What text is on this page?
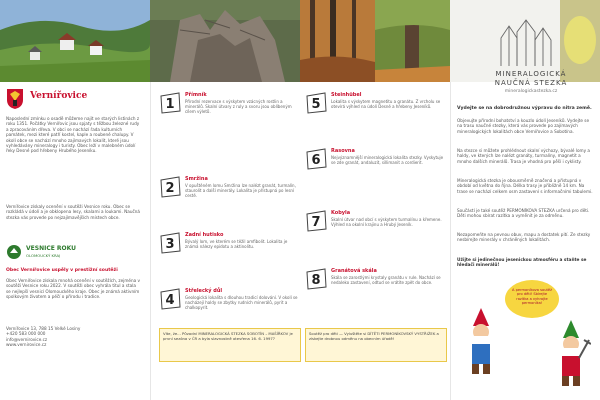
Vernířovice
Naposlední zmínku o osadě můžeme najít ve starých listinách z roku 1351. Počátky Vernířovic jsou spjaty s těžbou železné rudy a zpracováním dřeva. V obci se nachází řada kulturních památek, mezi které patří kostel, kaple a roubené chalupy. V okolí obce se nachází mnoho zajímavých lokalit, které jsou vyhledávány mineralogy i turisty. Obec leží v malebném údolí řeky Desné pod hřebeny Hrubého Jeseníku.
Vernířovice získaly ocenění v soutěži Vesnice roku. Obec se rozkládá v údolí a je obklopena lesy, skalami a loukami. Naučná stezka vás provede po nejzajímavějších místech obce.
VESNICE ROKU
OLOMOUCKÝ KRAJ
Obec Vernířovice uspěly v prestižní soutěži
Obec Vernířovice získala mnohá ocenění v soutěžích, zejména v soutěži Vesnice roku 2022. V soutěži obec vyhrála titul a stala se nejlepší vesnicí Olomouckého kraje. Obec je známá aktivním spolkovým životem a péčí o přírodu i tradice.
Vernířovice 13, 788 15 Velké Losiny
+420 583 000 000
info@vernirovice.cz
www.vernirovice.cz
1
Přímník
Přírodní rezervace s výskytem vzácných rostlin a minerálů. Skalní útvary z ruly a svoru jsou oblíbeným cílem výletů.
2
Smržina
V opuštěném lomu Smržina lze nalézt granát, turmalín, staurolit a další minerály. Lokalita je přístupná po lesní cestě.
3
Zadní hutisko
Bývalý lom, ve kterém se těžil amfibolit. Lokalita je známá nálezy epidotu a aktinolitu.
4
Střelecký důl
Geologická lokalita s dlouhou tradicí dolování. V okolí se nacházejí haldy se zbytky rudních minerálů, pyrit a chalkopyrit.
5
Steinhübel
Lokalita s výskytem magnetitu a granátu. Z vrcholu se otevírá výhled na údolí Desné a hřebeny Jeseníků.
6
Rasovna
Nejvýznamnější mineralogická lokalita stezky. Vyskytuje se zde granát, andaluzit, sillimanit a cordierit.
7
Kobyla
Skalní útvar nad obcí s výskytem turmalínu a křemene. Výhled na okolní krajinu a Hrubý Jeseník.
8
Granátová skála
Skála se zarostlými krystaly granátu v rule. Nachází se nedaleko zastavení, odtud se vrátíte zpět do obce.
Víte, že... Původní MINERALOGICKÁ STEZKA SOBOTÍN – MAŠÍŘKOV je první sezóna v ČR a byla slavnostně otevřena 16. 6. 1997?
Soutěž pro děti — Vyluštěte si DÍTĚTI PERMONÍKOVSKÝ VYSTŘIŽEK a získejte drobnou odměnu na obecním úřadě!
MINERALOGICKÁ
NAUČNÁ STEZKA
mineralogickastezka.cz
Vydejte se na dobrodružnou výpravu do nitra země.
Objevujte přírodní bohatství a kouzlo údolí Jeseníků. Vydejte se na trasu naučné stezky, která vás provede po zajímavých mineralogických lokalitách obce Vernířovice a Sobotína.
Na stezce si můžete prohlédnout skalní výchozy, bývalé lomy a haldy, ve kterých lze nalézt granáty, turmalíny, magnetit a mnoho dalších minerálů. Trasa je vhodná pro pěší i cyklisty.
Mineralogická stezka je obousměrně značená a přístupná v období od května do října. Délka trasy je přibližně 14 km. Na trase se nachází celkem osm zastavení s informačními tabulemi.
Součástí je také soutěž PERMONÍKOVA STEZKA určená pro děti. Děti mohou sbírat razítka a vyměnit je za odměnu.
Nezapomeňte na pevnou obuv, mapu a dostatek pití. Ze stezky nesbírejte minerály v chráněných lokalitách.
Užijte si jedinečnou jesenickou atmosféru a staňte se hledači minerálů!
A permoníkova soutěž pro děti! Sbírejte razítka a vyhrajte permoníka!
